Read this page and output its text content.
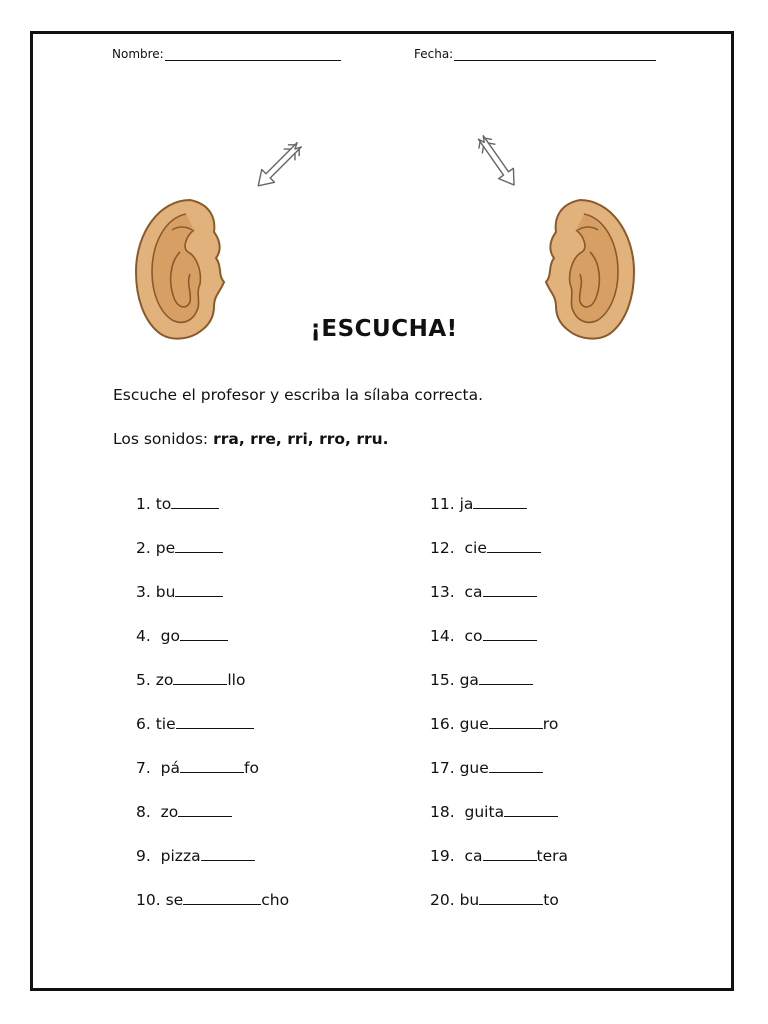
Nombre:	Fecha:
¡ESCUCHA!
Escuche el profesor y escriba la sílaba correcta.
Los sonidos: rra, rre, rri, rro, rru.
1. to
2. pe
3. bu
4.  go
5. zo	llo
6. tie
7.  pá	fo
8.  zo
9.  pizza
10. se	cho
11. ja
12.  cie
13.  ca
14.  co
15. ga
16. gue	ro
17. gue
18.  guita
19.  ca	tera
20. bu	to
